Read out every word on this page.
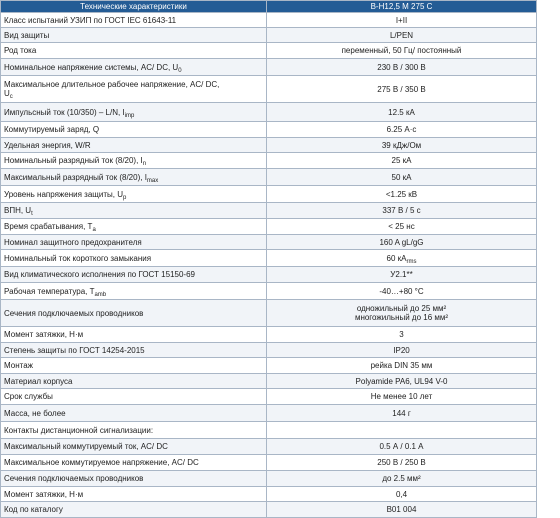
Технические характеристики	В-Н12,5 M 275 С
Класс испытаний УЗИП по ГОСТ IEC 61643-11	I+II
Вид защиты	L/PEN
Род тока	переменный, 50 Гц/ постоянный
Номинальное напряжение системы, AC/ DC, $U_0$	230 В / 300 В
Максимальное длительное рабочее напряжение, AC/ DC,
$U_c$	275 В / 350 В
Импульсный ток (10/350) – L/N, $I_{imp}$	12.5 кА
Коммутируемый заряд, Q	6.25 А·с
Удельная энергия, W/R	39 кДж/Ом
Номинальный разрядный ток (8/20), $I_n$	25 кА
Максимальный разрядный ток (8/20), $I_{max}$	50 кА
Уровень напряжения защиты, $U_p$	<1.25 кВ
ВПН, $U_t$	337 В / 5 с
Время срабатывания, $T_a$	< 25 нс
Номинал защитного предохранителя	160 A gL/gG
Номинальный ток короткого замыкания	60 $кА_{rms}$
Вид климатического исполнения по ГОСТ 15150-69	У2.1**
Рабочая температура, $T_{amb}$	-40…+80 °С
Сечения подключаемых проводников	одножильный до 25 мм²
многожильный до 16 мм²
Момент затяжки, Н·м	3
Степень защиты по ГОСТ 14254-2015	IP20
Монтаж	рейка DIN 35 мм
Материал корпуса	Polyamide PA6, UL94 V-0
Срок службы	Не менее 10 лет
Масса, не более	144 г
Контакты дистанционной сигнализации:	
Максимальный коммутируемый ток, AC/ DC	0.5 А / 0.1 А
Максимальное коммутируемое напряжение, AC/ DC	250 В / 250 В
Сечения подключаемых проводников	до 2.5 мм²
Момент затяжки, Н·м	0,4
Код по каталогу	B01 004
